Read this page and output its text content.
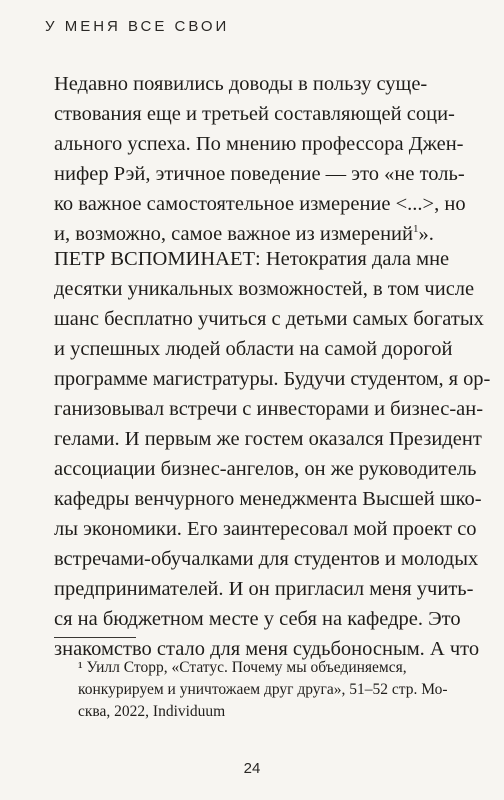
У МЕНЯ ВСЕ СВОИ

Недавно появились доводы в пользу суще-
ствования еще и третьей составляющей соци-
ального успеха. По мнению профессора Джен-
нифер Рэй, этичное поведение — это «не толь-
ко важное самостоятельное измерение <...>, но
и, возможно, самое важное из измерений$^1$».

ПЕТР ВСПОМИНАЕТ: Нетократия дала мне
десятки уникальных возможностей, в том числе
шанс бесплатно учиться с детьми самых богатых
и успешных людей области на самой дорогой
программе магистратуры. Будучи студентом, я ор-
ганизовывал встречи с инвесторами и бизнес-ан-
гелами. И первым же гостем оказался Президент
ассоциации бизнес-ангелов, он же руководитель
кафедры венчурного менеджмента Высшей шко-
лы экономики. Его заинтересовал мой проект со
встречами-обучалками для студентов и молодых
предпринимателей. И он пригласил меня учить-
ся на бюджетном месте у себя на кафедре. Это
знакомство стало для меня судьбоносным. А что

¹ Уилл Сторр, «Статус. Почему мы объединяемся,
конкурируем и уничтожаем друг друга», 51–52 стр. Мо-
сква, 2022, Individuum
24
